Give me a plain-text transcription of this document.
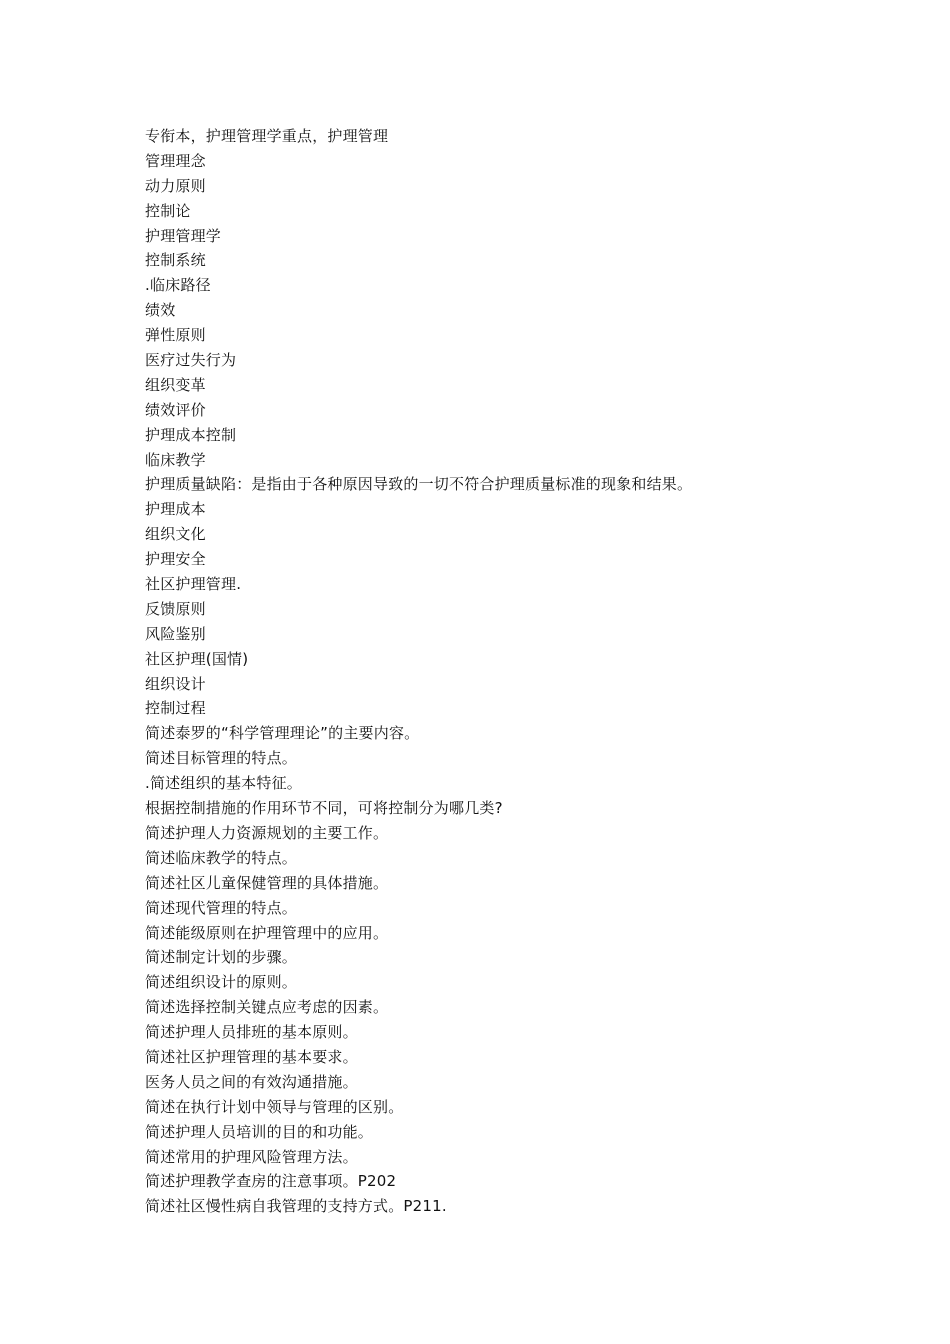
专衔本，护理管理学重点，护理管理
管理理念
动力原则
控制论
护理管理学
控制系统
.临床路径
绩效
弹性原则
医疗过失行为
组织变革
绩效评价
护理成本控制
临床教学
护理质量缺陷：是指由于各种原因导致的一切不符合护理质量标准的现象和结果。
护理成本
组织文化
护理安全
社区护理管理.
反馈原则
风险鉴别
社区护理(国情)
组织设计
控制过程
简述泰罗的“科学管理理论”的主要内容。
简述目标管理的特点。
.简述组织的基本特征。
根据控制措施的作用环节不同，可将控制分为哪几类?
简述护理人力资源规划的主要工作。
简述临床教学的特点。
简述社区儿童保健管理的具体措施。
简述现代管理的特点。
简述能级原则在护理管理中的应用。
简述制定计划的步骤。
简述组织设计的原则。
简述选择控制关键点应考虑的因素。
简述护理人员排班的基本原则。
简述社区护理管理的基本要求。
医务人员之间的有效沟通措施。
简述在执行计划中领导与管理的区别。
简述护理人员培训的目的和功能。
简述常用的护理风险管理方法。
简述护理教学查房的注意事项。P202
简述社区慢性病自我管理的支持方式。P211.
